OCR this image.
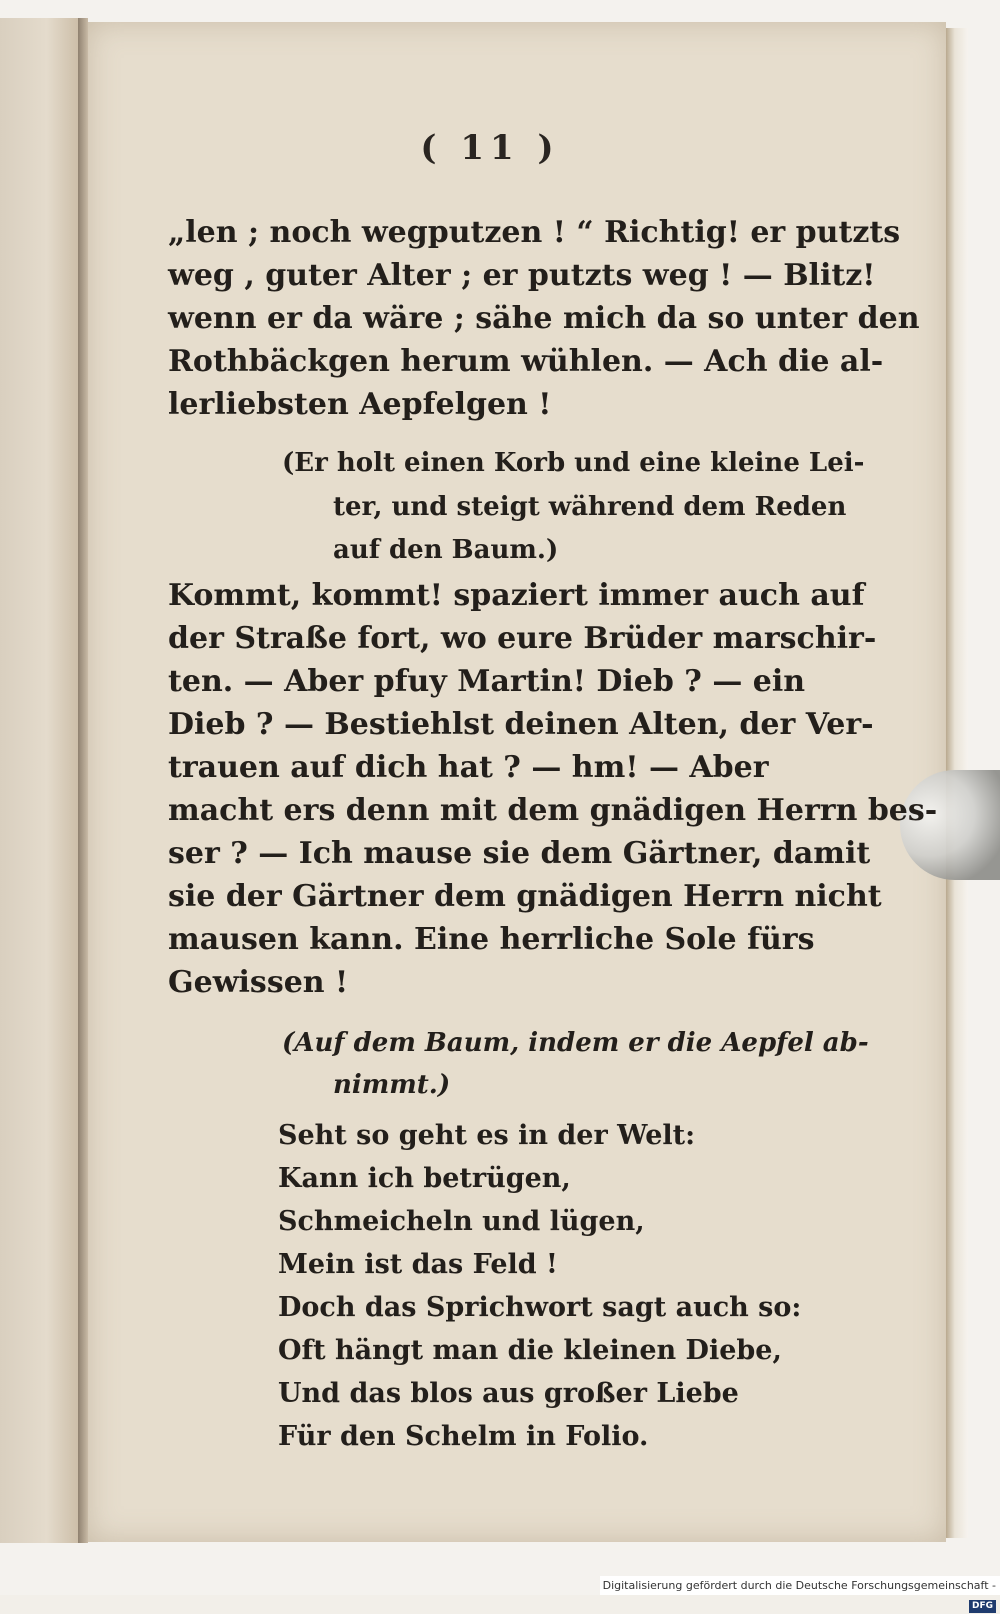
( 11 )
„len ; noch wegputzen ! “ Richtig! er putzts
weg , guter Alter ; er putzts weg ! — Blitz!
wenn er da wäre ; sähe mich da so unter den
Rothbäckgen herum wühlen. — Ach die al-
lerliebsten Aepfelgen !
(Er holt einen Korb und eine kleine Lei-
ter, und steigt während dem Reden
auf den Baum.)
Kommt, kommt! spaziert immer auch auf
der Straße fort, wo eure Brüder marschir-
ten. — Aber pfuy Martin! Dieb ? — ein
Dieb ? — Bestiehlst deinen Alten, der Ver-
trauen auf dich hat ? — hm! — Aber
macht ers denn mit dem gnädigen Herrn bes-
ser ? — Ich mause sie dem Gärtner, damit
sie der Gärtner dem gnädigen Herrn nicht
mausen kann. Eine herrliche Sole fürs
Gewissen !
(Auf dem Baum, indem er die Aepfel ab-
nimmt.)
Seht so geht es in der Welt:
Kann ich betrügen,
Schmeicheln und lügen,
Mein ist das Feld !
Doch das Sprichwort sagt auch so:
Oft hängt man die kleinen Diebe,
Und das blos aus großer Liebe
Für den Schelm in Folio.
Digitalisierung gefördert durch die Deutsche Forschungsgemeinschaft -DFG
